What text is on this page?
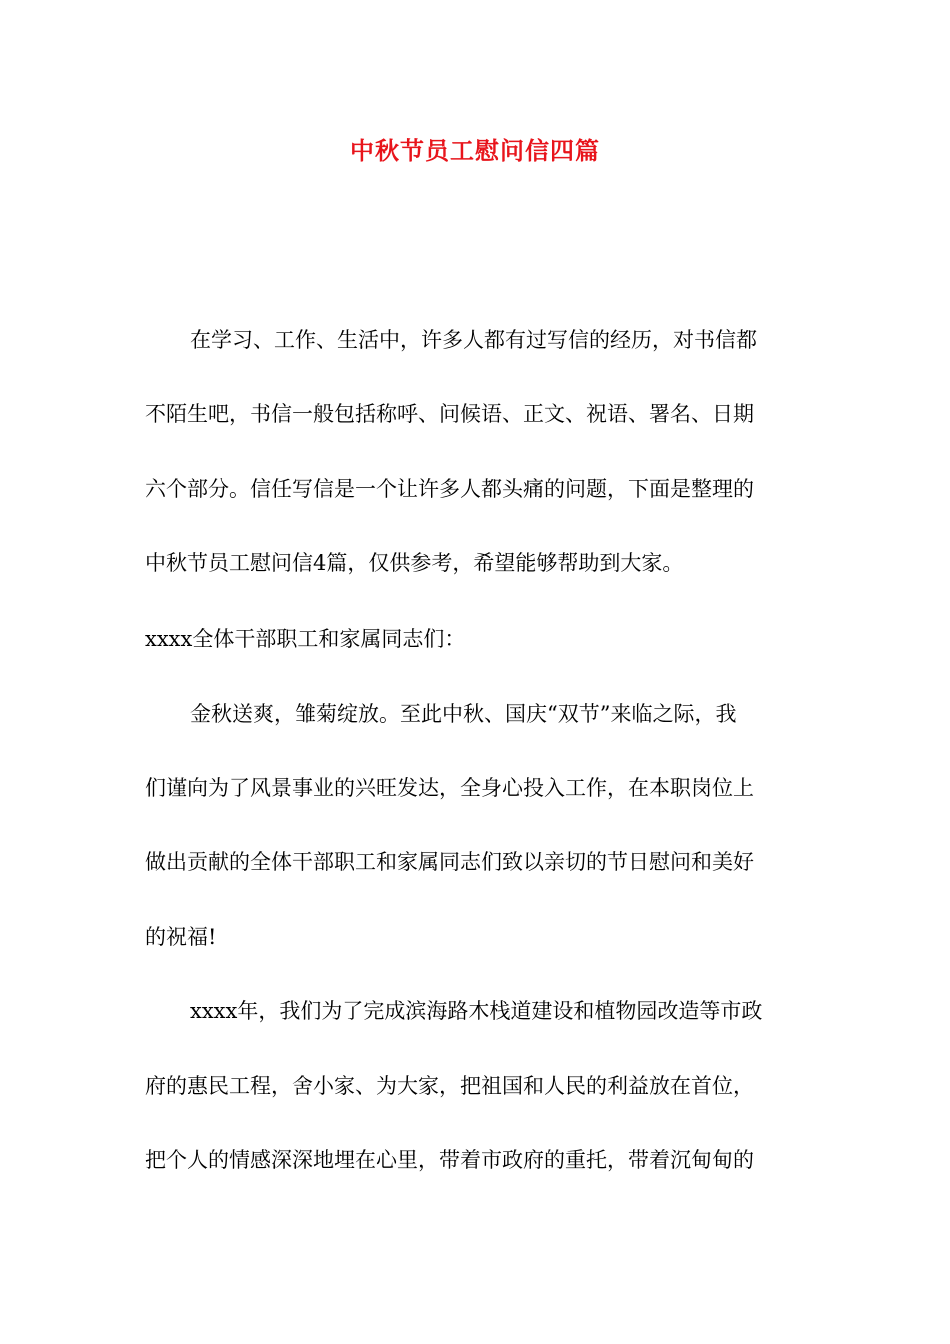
中秋节员工慰问信四篇
在学习、工作、生活中，许多人都有过写信的经历，对书信都
不陌生吧，书信一般包括称呼、问候语、正文、祝语、署名、日期
六个部分。信任写信是一个让许多人都头痛的问题，下面是整理的
中秋节员工慰问信4篇，仅供参考，希望能够帮助到大家。
xxxx全体干部职工和家属同志们：
金秋送爽，雏菊绽放。至此中秋、国庆“双节”来临之际，我
们谨向为了风景事业的兴旺发达，全身心投入工作，在本职岗位上
做出贡献的全体干部职工和家属同志们致以亲切的节日慰问和美好
的祝福!
xxxx年，我们为了完成滨海路木栈道建设和植物园改造等市政
府的惠民工程，舍小家、为大家，把祖国和人民的利益放在首位，
把个人的情感深深地埋在心里，带着市政府的重托，带着沉甸甸的
